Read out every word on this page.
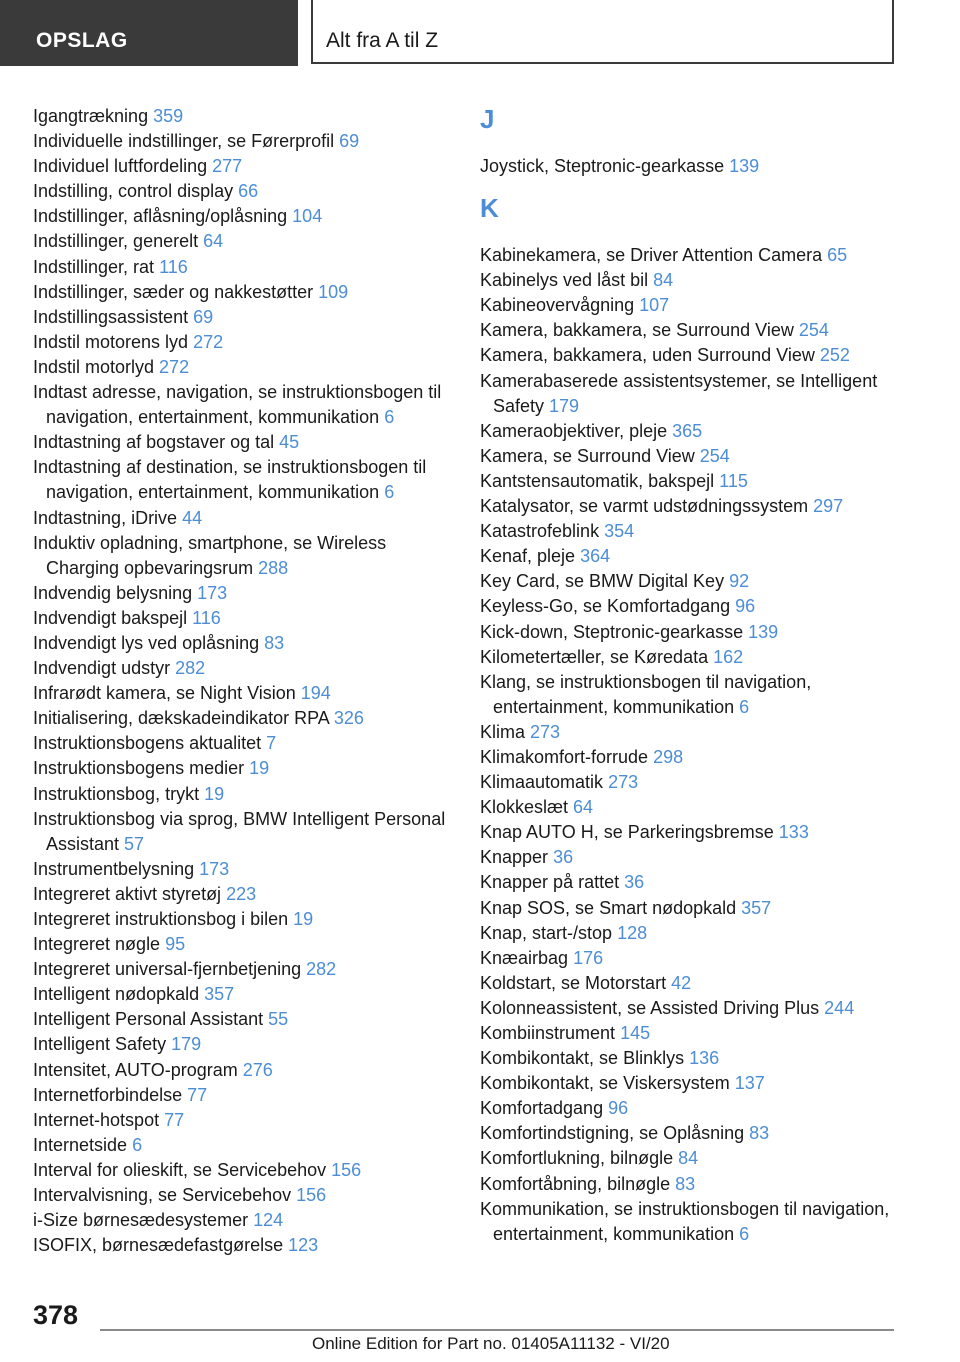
OPSLAG	Alt fra A til Z
Igangtrækning 359
Individuelle indstillinger, se Førerprofil 69
Individuel luftfordeling 277
Indstilling, control display 66
Indstillinger, aflåsning/oplåsning 104
Indstillinger, generelt 64
Indstillinger, rat 116
Indstillinger, sæder og nakkestøtter 109
Indstillingsassistent 69
Indstil motorens lyd 272
Indstil motorlyd 272
Indtast adresse, navigation, se instruktionsbogen til navigation, entertainment, kommunikation 6
Indtastning af bogstaver og tal 45
Indtastning af destination, se instruktionsbogen til navigation, entertainment, kommunikation 6
Indtastning, iDrive 44
Induktiv opladning, smartphone, se Wireless Charging opbevaringsrum 288
Indvendig belysning 173
Indvendigt bakspejl 116
Indvendigt lys ved oplåsning 83
Indvendigt udstyr 282
Infrarødt kamera, se Night Vision 194
Initialisering, dækskadeindikator RPA 326
Instruktionsbogens aktualitet 7
Instruktionsbogens medier 19
Instruktionsbog, trykt 19
Instruktionsbog via sprog, BMW Intelligent Personal Assistant 57
Instrumentbelysning 173
Integreret aktivt styretøj 223
Integreret instruktionsbog i bilen 19
Integreret nøgle 95
Integreret universal-fjernbetjening 282
Intelligent nødopkald 357
Intelligent Personal Assistant 55
Intelligent Safety 179
Intensitet, AUTO-program 276
Internetforbindelse 77
Internet-hotspot 77
Internetside 6
Interval for olieskift, se Servicebehov 156
Intervalvisning, se Servicebehov 156
i-Size børnesædesystemer 124
ISOFIX, børnesædefastgørelse 123
J
Joystick, Steptronic-gearkasse 139
K
Kabinekamera, se Driver Attention Camera 65
Kabinelys ved låst bil 84
Kabineovervågning 107
Kamera, bakkamera, se Surround View 254
Kamera, bakkamera, uden Surround View 252
Kamerabaserede assistentsystemer, se Intelligent Safety 179
Kameraobjektiver, pleje 365
Kamera, se Surround View 254
Kantstensautomatik, bakspejl 115
Katalysator, se varmt udstødningssystem 297
Katastrofeblink 354
Kenaf, pleje 364
Key Card, se BMW Digital Key 92
Keyless-Go, se Komfortadgang 96
Kick-down, Steptronic-gearkasse 139
Kilometertæller, se Køredata 162
Klang, se instruktionsbogen til navigation, entertainment, kommunikation 6
Klima 273
Klimakomfort-forrude 298
Klimaautomatik 273
Klokkeslæt 64
Knap AUTO H, se Parkeringsbremse 133
Knapper 36
Knapper på rattet 36
Knap SOS, se Smart nødopkald 357
Knap, start-/stop 128
Knæairbag 176
Koldstart, se Motorstart 42
Kolonneassistent, se Assisted Driving Plus 244
Kombiinstrument 145
Kombikontakt, se Blinklys 136
Kombikontakt, se Viskersystem 137
Komfortadgang 96
Komfortindstigning, se Oplåsning 83
Komfortlukning, bilnøgle 84
Komfortåbning, bilnøgle 83
Kommunikation, se instruktionsbogen til navigation, entertainment, kommunikation 6
378
Online Edition for Part no. 01405A11132 - VI/20
